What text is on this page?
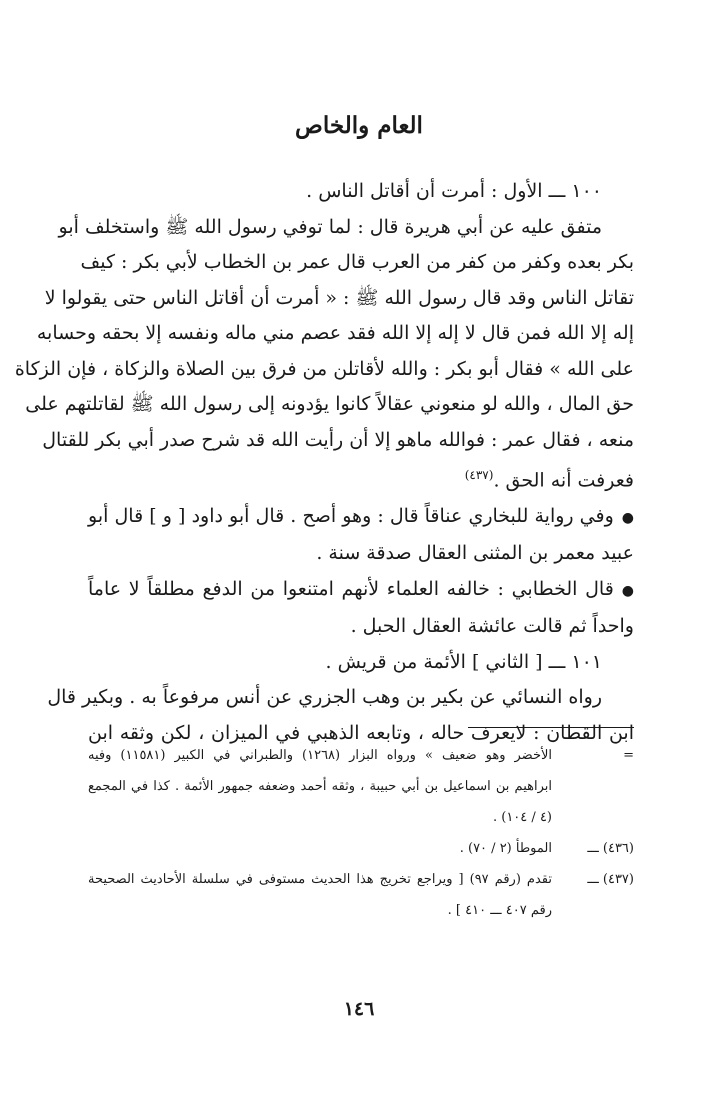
العام والخاص

١٠٠ ـــ الأول : أمرت أن أقاتل الناس .
متفق عليه عن أبي هريرة قال : لما توفي رسول الله ﷺ واستخلف أبو
بكر بعده وكفر من كفر من العرب قال عمر بن الخطاب لأبي بكر : كيف
تقاتل الناس وقد قال رسول الله ﷺ : « أمرت أن أقاتل الناس حتى يقولوا لا
إله إلا الله فمن قال لا إله إلا الله فقد عصم مني ماله ونفسه إلا بحقه وحسابه
على الله » فقال أبو بكر : والله لأقاتلن من فرق بين الصلاة والزكاة ، فإن الزكاة
حق المال ، والله لو منعوني عقالاً كانوا يؤدونه إلى رسول الله ﷺ لقاتلتهم على
منعه ، فقال عمر : فوالله ماهو إلا أن رأيت الله قد شرح صدر أبي بكر للقتال
فعرفت أنه الحق .$^{(٤٣٧)}$

●وفي رواية للبخاري عناقاً قال : وهو أصح . قال أبو داود [ و ] قال أبو
عبيد معمر بن المثنى العقال صدقة سنة .

●قال الخطابي : خالفه العلماء لأنهم امتنعوا من الدفع مطلقاً لا عاماً
واحداً ثم قالت عائشة العقال الحبل .

١٠١ ـــ [ الثاني ] الأئمة من قريش .
رواه النسائي عن بكير بن وهب الجزري عن أنس مرفوعاً به . وبكير قال
ابن القطان : لايعرف حاله ، وتابعه الذهبي في الميزان ، لكن وثقه ابن

=
الأخضر وهو ضعيف » ورواه البزار (١٢٦٨) والطبراني في الكبير (١١٥٨١) وفيه
ابراهيم بن اسماعيل بن أبي حبيبة ، وثقه أحمد وضعفه جمهور الأئمة . كذا في المجمع
(٤ / ١٠٤) .
(٤٣٦) ـــ
الموطأ (٢ / ٧٠) .
(٤٣٧) ـــ
تقدم (رقم ٩٧) [ ويراجع تخريج هذا الحديث مستوفى في سلسلة الأحاديث الصحيحة
رقم ٤٠٧ ـــ ٤١٠ ] .
١٤٦
